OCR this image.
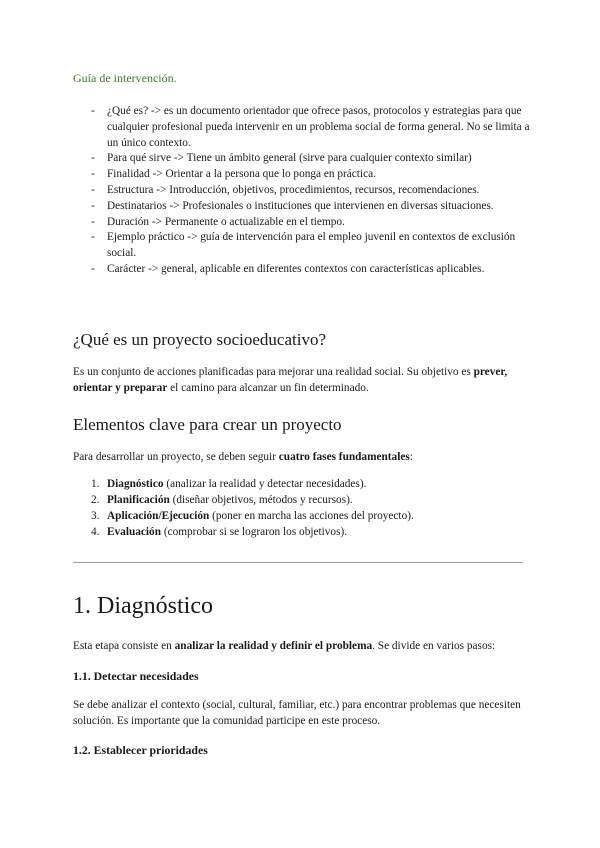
Guía de intervención.
- ¿Qué es? -> es un documento orientador que ofrece pasos, protocolos y estrategias para que cualquier profesional pueda intervenir en un problema social de forma general. No se limita a un único contexto.
- Para qué sirve -> Tiene un ámbito general (sirve para cualquier contexto similar)
- Finalidad -> Orientar a la persona que lo ponga en práctica.
- Estructura -> Introducción, objetivos, procedimientos, recursos, recomendaciones.
- Destinatarios -> Profesionales o instituciones que intervienen en diversas situaciones.
- Duración -> Permanente o actualizable en el tiempo.
- Ejemplo práctico -> guía de intervención para el empleo juvenil en contextos de exclusión social.
- Carácter -> general, aplicable en diferentes contextos con características aplicables.
¿Qué es un proyecto socioeducativo?

Es un conjunto de acciones planificadas para mejorar una realidad social. Su objetivo es prever, orientar y preparar el camino para alcanzar un fin determinado.

Elementos clave para crear un proyecto

Para desarrollar un proyecto, se deben seguir cuatro fases fundamentales:

1. Diagnóstico (analizar la realidad y detectar necesidades).
2. Planificación (diseñar objetivos, métodos y recursos).
3. Aplicación/Ejecución (poner en marcha las acciones del proyecto).
4. Evaluación (comprobar si se lograron los objetivos).
1. Diagnóstico

Esta etapa consiste en analizar la realidad y definir el problema. Se divide en varios pasos:

1.1. Detectar necesidades

Se debe analizar el contexto (social, cultural, familiar, etc.) para encontrar problemas que necesiten solución. Es importante que la comunidad participe en este proceso.

1.2. Establecer prioridades
